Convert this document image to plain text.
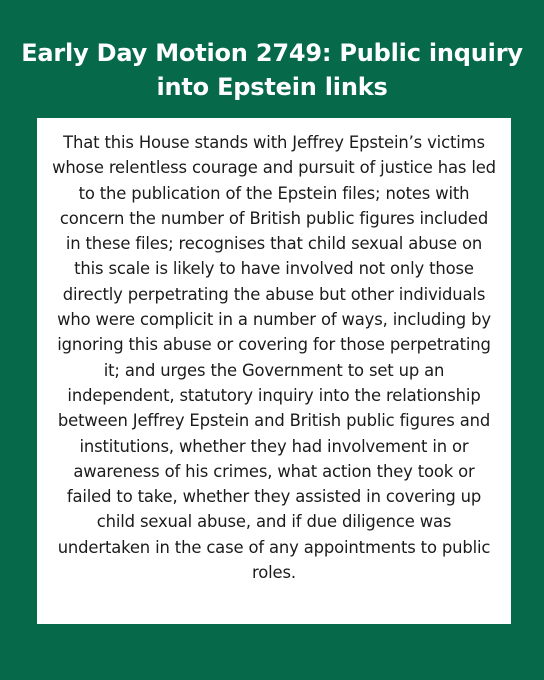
Early Day Motion 2749: Public inquiry into Epstein links

That this House stands with Jeffrey Epstein’s victims whose relentless courage and pursuit of justice has led to the publication of the Epstein files; notes with concern the number of British public figures included in these files; recognises that child sexual abuse on this scale is likely to have involved not only those directly perpetrating the abuse but other individuals who were complicit in a number of ways, including by ignoring this abuse or covering for those perpetrating it; and urges the Government to set up an independent, statutory inquiry into the relationship between Jeffrey Epstein and British public figures and institutions, whether they had involvement in or awareness of his crimes, what action they took or failed to take, whether they assisted in covering up child sexual abuse, and if due diligence was undertaken in the case of any appointments to public roles.
